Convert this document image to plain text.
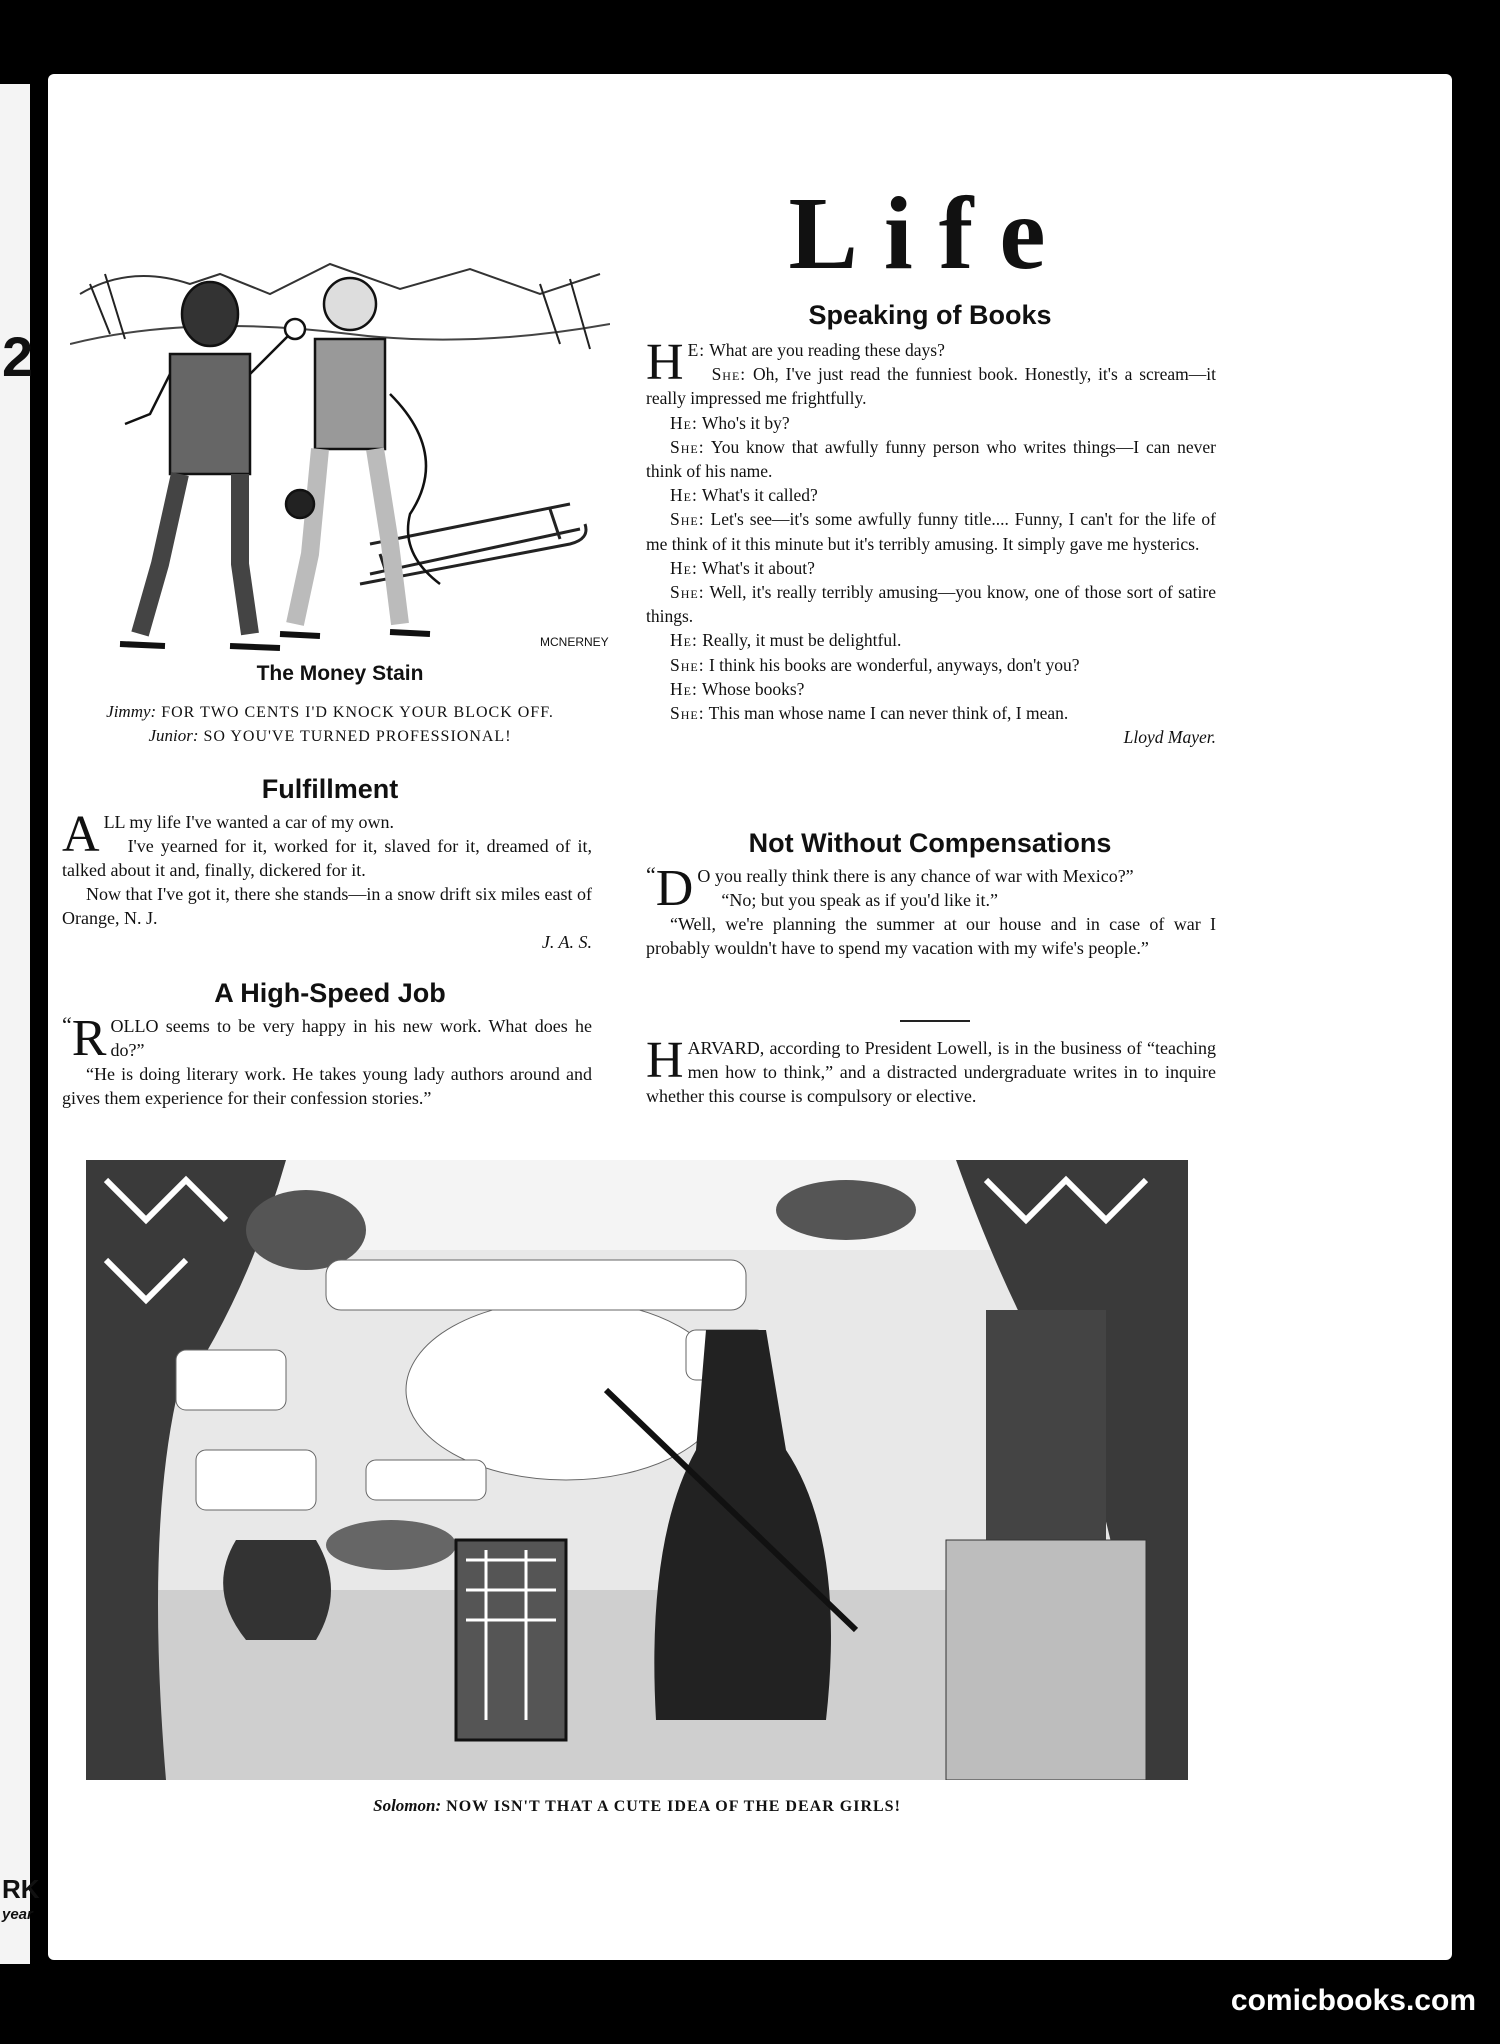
2
RK
year
Life
MCNERNEY
The Money Stain
Jimmy: FOR TWO CENTS I'D KNOCK YOUR BLOCK OFF.
Junior: SO YOU'VE TURNED PROFESSIONAL!
Fulfillment

ALL my life I've wanted a car of my own.

I've yearned for it, worked for it, slaved for it, dreamed of it, talked about it and, finally, dickered for it.

Now that I've got it, there she stands—in a snow drift six miles east of Orange, N. J.

J. A. S.

A High-Speed Job

“ R OLLO seems to be very happy in his new work. What does he do?”

“He is doing literary work. He takes young lady authors around and gives them experience for their confession stories.”

Speaking of Books

H E: What are you reading these days?

She: Oh, I've just read the funniest book. Honestly, it's a scream—it really impressed me frightfully.

He: Who's it by?

She: You know that awfully funny person who writes things—I can never think of his name.

He: What's it called?

She: Let's see—it's some awfully funny title.... Funny, I can't for the life of me think of it this minute but it's terribly amusing. It simply gave me hysterics.

He: What's it about?

She: Well, it's really terribly amusing—you know, one of those sort of satire things.

He: Really, it must be delightful.

She: I think his books are wonderful, anyways, don't you?

He: Whose books?

She: This man whose name I can never think of, I mean.

Lloyd Mayer.

Not Without Compensations

“ D O you really think there is any chance of war with Mexico?”

“No; but you speak as if you'd like it.”

“Well, we're planning the summer at our house and in case of war I probably wouldn't have to spend my vacation with my wife's people.”

HARVARD, according to President Lowell, is in the business of “teaching men how to think,” and a distracted undergraduate writes in to inquire whether this course is compulsory or elective.

Solomon: NOW ISN'T THAT A CUTE IDEA OF THE DEAR GIRLS!
comicbooks.com
